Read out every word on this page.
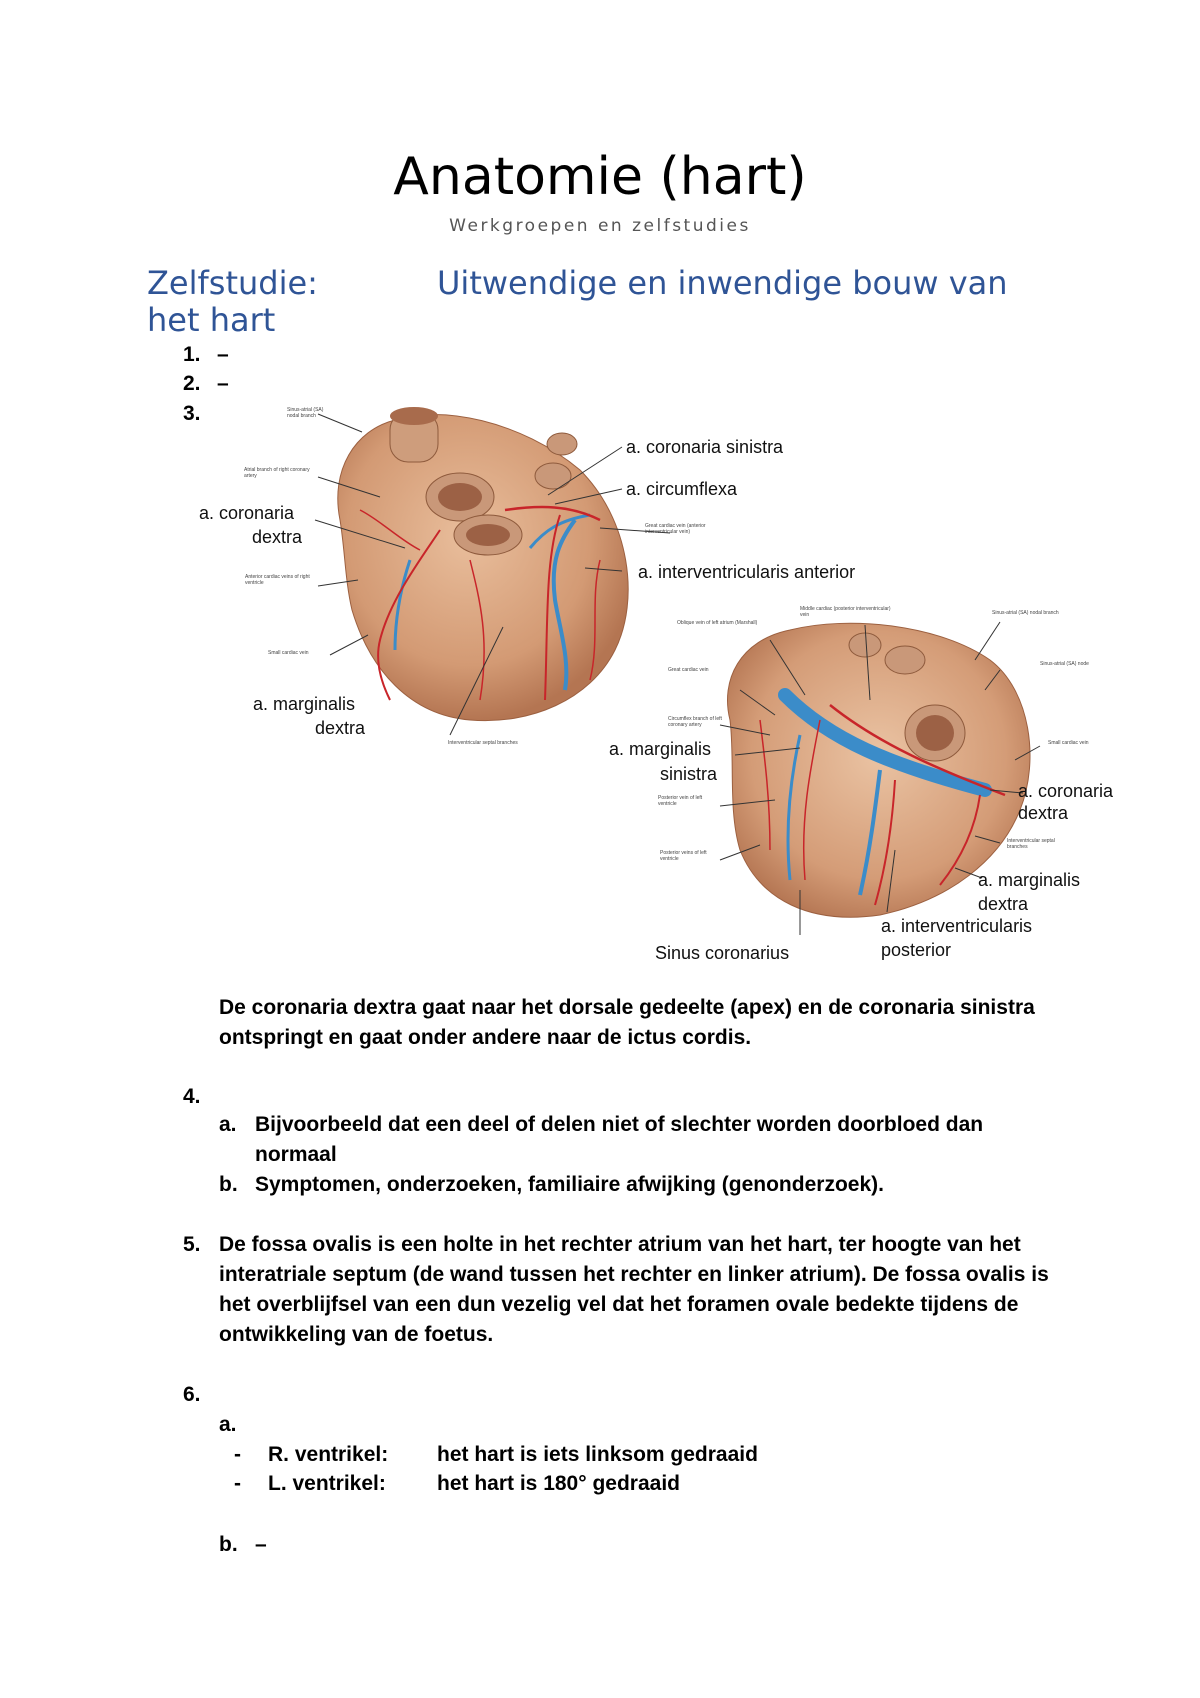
Anatomie (hart)
Werkgroepen en zelfstudies
Zelfstudie:	Uitwendige en inwendige bouw van
het hart
1. –
2. –
3.
a. coronaria sinistra
a. circumflexa
a. coronaria
dextra
a. interventricularis anterior
a. marginalis
dextra
a. marginalis
sinistra
a. coronaria
dextra
a. marginalis
dextra
a. interventricularis
posterior
Sinus coronarius
Sinus-atrial (SA) nodal branch
Atrial branch of right coronary artery
Great cardiac vein (anterior interventricular vein)
Anterior cardiac veins of right ventricle
Small cardiac vein
Interventricular septal branches
Middle cardiac (posterior interventricular) vein
Oblique vein of left atrium (Marshall)
Great cardiac vein
Circumflex branch of left coronary artery
Posterior vein of left ventricle
Posterior veins of left ventricle
Sinus-atrial (SA) nodal branch
Sinus-atrial (SA) node
Small cardiac vein
Interventricular septal branches
De coronaria dextra gaat naar het dorsale gedeelte (apex) en de coronaria sinistra
ontspringt en gaat onder andere naar de ictus cordis.
4.
a. Bijvoorbeeld dat een deel of delen niet of slechter worden doorbloed dan
normaal
b. Symptomen, onderzoeken, familiaire afwijking (genonderzoek).
5. De fossa ovalis is een holte in het rechter atrium van het hart, ter hoogte van het
interatriale septum (de wand tussen het rechter en linker atrium). De fossa ovalis is
het overblijfsel van een dun vezelig vel dat het foramen ovale bedekte tijdens de
ontwikkeling van de foetus.
6.
a.
- R. ventrikel: het hart is iets linksom gedraaid
- L. ventrikel: het hart is 180° gedraaid
b. –
